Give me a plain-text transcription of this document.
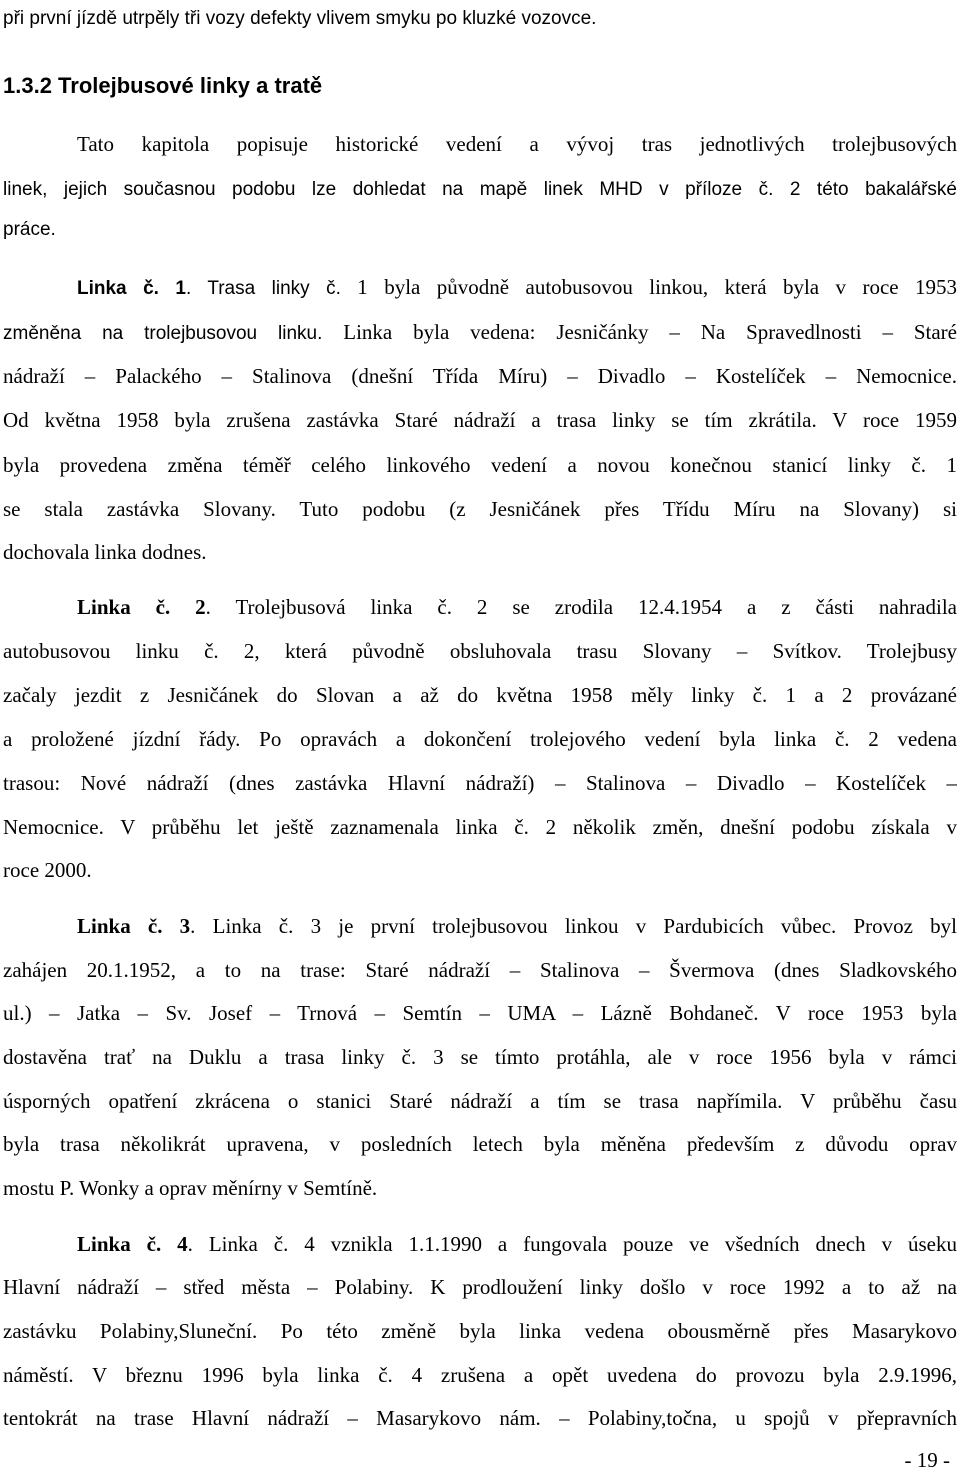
při první jízdě utrpěly tři vozy defekty vlivem smyku po kluzké vozovce.
1.3.2 Trolejbusové linky a tratě
Tato kapitola popisuje historické vedení a vývoj tras jednotlivých trolejbusových
linek, jejich současnou podobu lze dohledat na mapě linek MHD v příloze č. 2 této bakalářské
práce.
Linka č. 1. Trasa linky č. 1 byla původně autobusovou linkou, která byla v roce 1953
změněna na trolejbusovou linku. Linka byla vedena: Jesničánky – Na Spravedlnosti – Staré
nádraží – Palackého – Stalinova (dnešní Třída Míru) – Divadlo – Kostelíček – Nemocnice.
Od května 1958 byla zrušena zastávka Staré nádraží a trasa linky se tím zkrátila. V roce 1959
byla provedena změna téměř celého linkového vedení a novou konečnou stanicí linky č. 1
se stala zastávka Slovany. Tuto podobu (z Jesničánek přes Třídu Míru na Slovany) si
dochovala linka dodnes.
Linka č. 2. Trolejbusová linka č. 2 se zrodila 12.4.1954 a z části nahradila
autobusovou linku č. 2, která původně obsluhovala trasu Slovany – Svítkov. Trolejbusy
začaly jezdit z Jesničánek do Slovan a až do května 1958 měly linky č. 1 a 2 provázané
a proložené jízdní řády. Po opravách a dokončení trolejového vedení byla linka č. 2 vedena
trasou: Nové nádraží (dnes zastávka Hlavní nádraží) – Stalinova – Divadlo – Kostelíček –
Nemocnice. V průběhu let ještě zaznamenala linka č. 2 několik změn, dnešní podobu získala v
roce 2000.
Linka č. 3. Linka č. 3 je první trolejbusovou linkou v Pardubicích vůbec. Provoz byl
zahájen 20.1.1952, a to na trase: Staré nádraží – Stalinova – Švermova (dnes Sladkovského
ul.) – Jatka – Sv. Josef – Trnová – Semtín – UMA – Lázně Bohdaneč. V roce 1953 byla
dostavěna trať na Duklu a trasa linky č. 3 se tímto protáhla, ale v roce 1956 byla v rámci
úsporných opatření zkrácena o stanici Staré nádraží a tím se trasa napřímila. V průběhu času
byla trasa několikrát upravena, v posledních letech byla měněna především z důvodu oprav
mostu P. Wonky a oprav měnírny v Semtíně.
Linka č. 4. Linka č. 4 vznikla 1.1.1990 a fungovala pouze ve všedních dnech v úseku
Hlavní nádraží – střed města – Polabiny. K prodloužení linky došlo v roce 1992 a to až na
zastávku Polabiny,Sluneční. Po této změně byla linka vedena obousměrně přes Masarykovo
náměstí. V březnu 1996 byla linka č. 4 zrušena a opět uvedena do provozu byla 2.9.1996,
tentokrát na trase Hlavní nádraží – Masarykovo nám. – Polabiny,točna, u spojů v přepravních
- 19 -
